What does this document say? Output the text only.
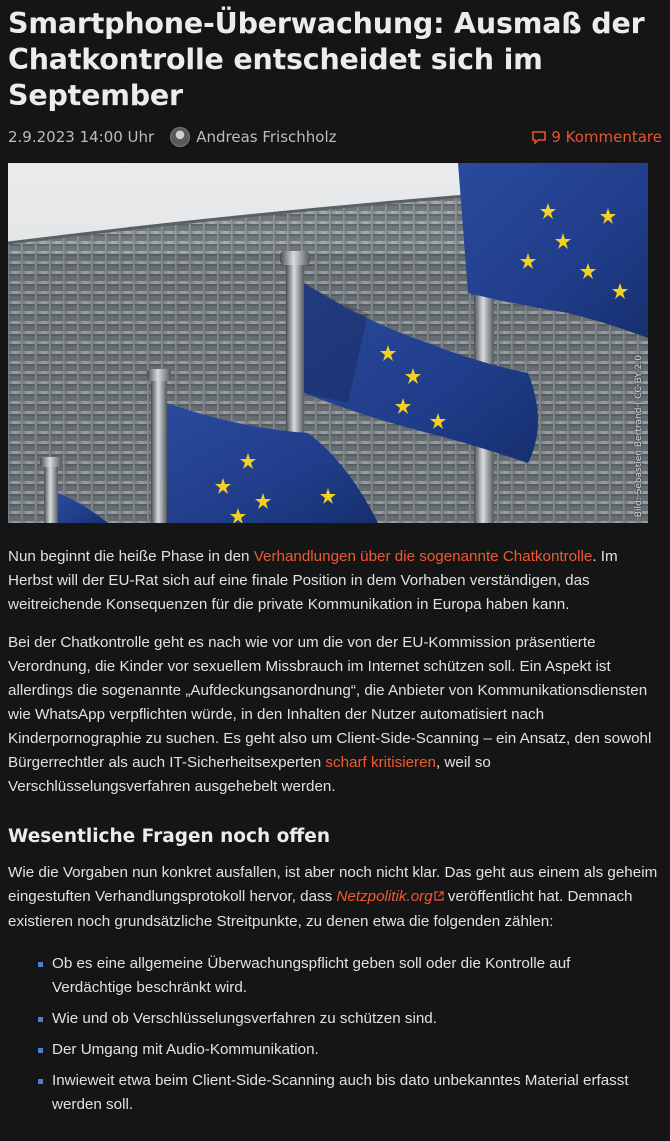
Smartphone-Überwachung: Ausmaß der Chatkontrolle entscheidet sich im September
2.9.2023 14:00 Uhr	Andreas Frischholz	9 Kommentare
Bild: Sébastien Bertrand | CC BY 2.0

Nun beginnt die heiße Phase in den Verhandlungen über die sogenannte Chatkontrolle. Im Herbst will der EU-Rat sich auf eine finale Position in dem Vorhaben verständigen, das weitreichende Konsequenzen für die private Kommunikation in Europa haben kann.

Bei der Chatkontrolle geht es nach wie vor um die von der EU-Kommission präsentierte Verordnung, die Kinder vor sexuellem Missbrauch im Internet schützen soll. Ein Aspekt ist allerdings die sogenannte „Aufdeckungsanordnung“, die Anbieter von Kommunikationsdiensten wie WhatsApp verpflichten würde, in den Inhalten der Nutzer automatisiert nach Kinderpornographie zu suchen. Es geht also um Client-Side-Scanning – ein Ansatz, den sowohl Bürgerrechtler als auch IT-Sicherheitsexperten scharf kritisieren, weil so Verschlüsselungsverfahren ausgehebelt werden.

Wesentliche Fragen noch offen

Wie die Vorgaben nun konkret ausfallen, ist aber noch nicht klar. Das geht aus einem als geheim eingestuften Verhandlungsprotokoll hervor, dass Netzpolitik.org veröffentlicht hat. Demnach existieren noch grundsätzliche Streitpunkte, zu denen etwa die folgenden zählen:

Ob es eine allgemeine Überwachungspflicht geben soll oder die Kontrolle auf Verdächtige beschränkt wird.
Wie und ob Verschlüsselungsverfahren zu schützen sind.
Der Umgang mit Audio-Kommunikation.
Inwieweit etwa beim Client-Side-Scanning auch bis dato unbekanntes Material erfasst werden soll.
